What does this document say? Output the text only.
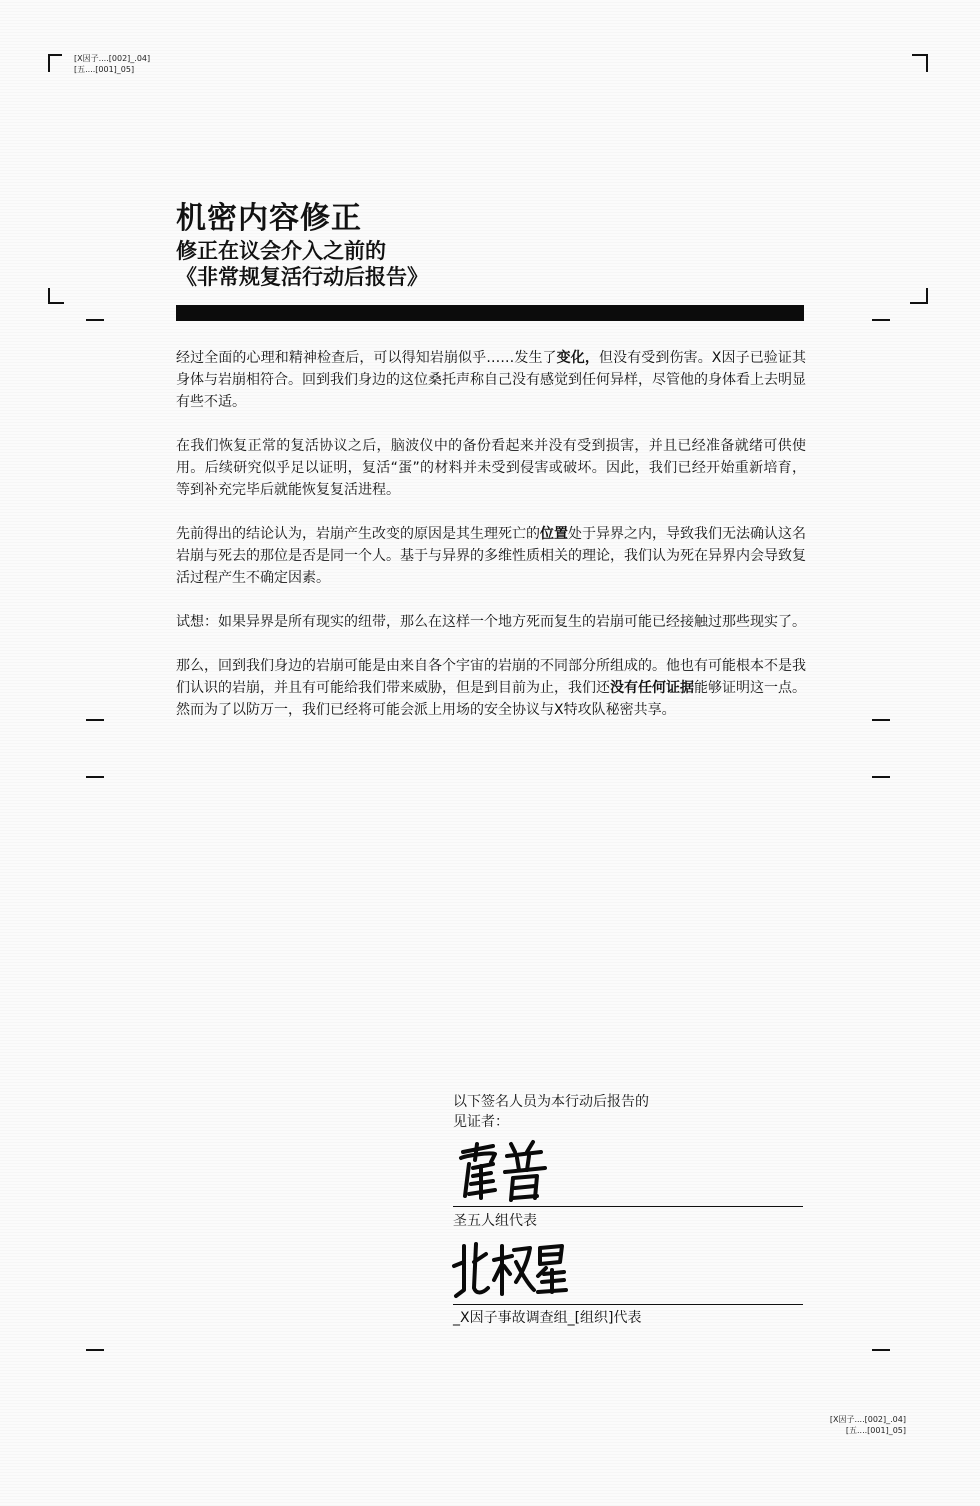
[X因子....[002]_.04]
[五....[001]_05]
[X因子....[002]_.04]
[五....[001]_05]
机密内容修正
修正在议会介入之前的
《非常规复活行动后报告》

经过全面的心理和精神检查后，可以得知岩崩似乎……发生了变化，但没有受到伤害。X因子已验证其身体与岩崩相符合。回到我们身边的这位桑托声称自己没有感觉到任何异样，尽管他的身体看上去明显有些不适。

在我们恢复正常的复活协议之后，脑波仪中的备份看起来并没有受到损害，并且已经准备就绪可供使用。后续研究似乎足以证明，复活“蛋”的材料并未受到侵害或破坏。因此，我们已经开始重新培育，等到补充完毕后就能恢复复活进程。

先前得出的结论认为，岩崩产生改变的原因是其生理死亡的位置处于异界之内，导致我们无法确认这名岩崩与死去的那位是否是同一个人。基于与异界的多维性质相关的理论，我们认为死在异界内会导致复活过程产生不确定因素。

试想：如果异界是所有现实的纽带，那么在这样一个地方死而复生的岩崩可能已经接触过那些现实了。

那么，回到我们身边的岩崩可能是由来自各个宇宙的岩崩的不同部分所组成的。他也有可能根本不是我们认识的岩崩，并且有可能给我们带来威胁，但是到目前为止，我们还没有任何证据能够证明这一点。然而为了以防万一，我们已经将可能会派上用场的安全协议与X特攻队秘密共享。

以下签名人员为本行动后报告的
见证者：
圣五人组代表
_X因子事故调查组_[组织]代表
